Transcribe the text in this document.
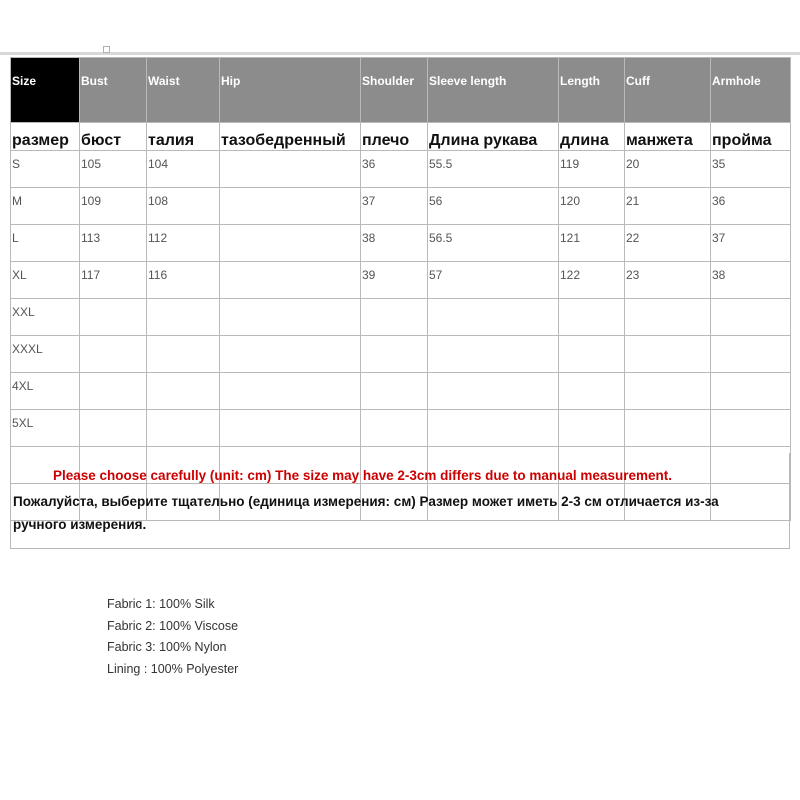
Size	Bust	Waist	Hip	Shoulder	Sleeve length	Length	Cuff	Armhole
размер	бюст	талия	тазобедренный	плечо	Длина рукава	длина	манжета	пройма
S	105	104		36	55.5	119	20	35
M	109	108		37	56	120	21	36
L	113	112		38	56.5	121	22	37
XL	117	116		39	57	122	23	38
XXL								
XXXL								
4XL								
5XL								

Please choose carefully (unit: cm) The size may have 2-3cm differs due to manual measurement.
Пожалуйста, выберите тщательно (единица измерения: см) Размер может иметь 2-3 см отличается из-за ручного измерения.
Fabric 1: 100% Silk
Fabric 2: 100% Viscose
Fabric 3: 100% Nylon
Lining : 100% Polyester
